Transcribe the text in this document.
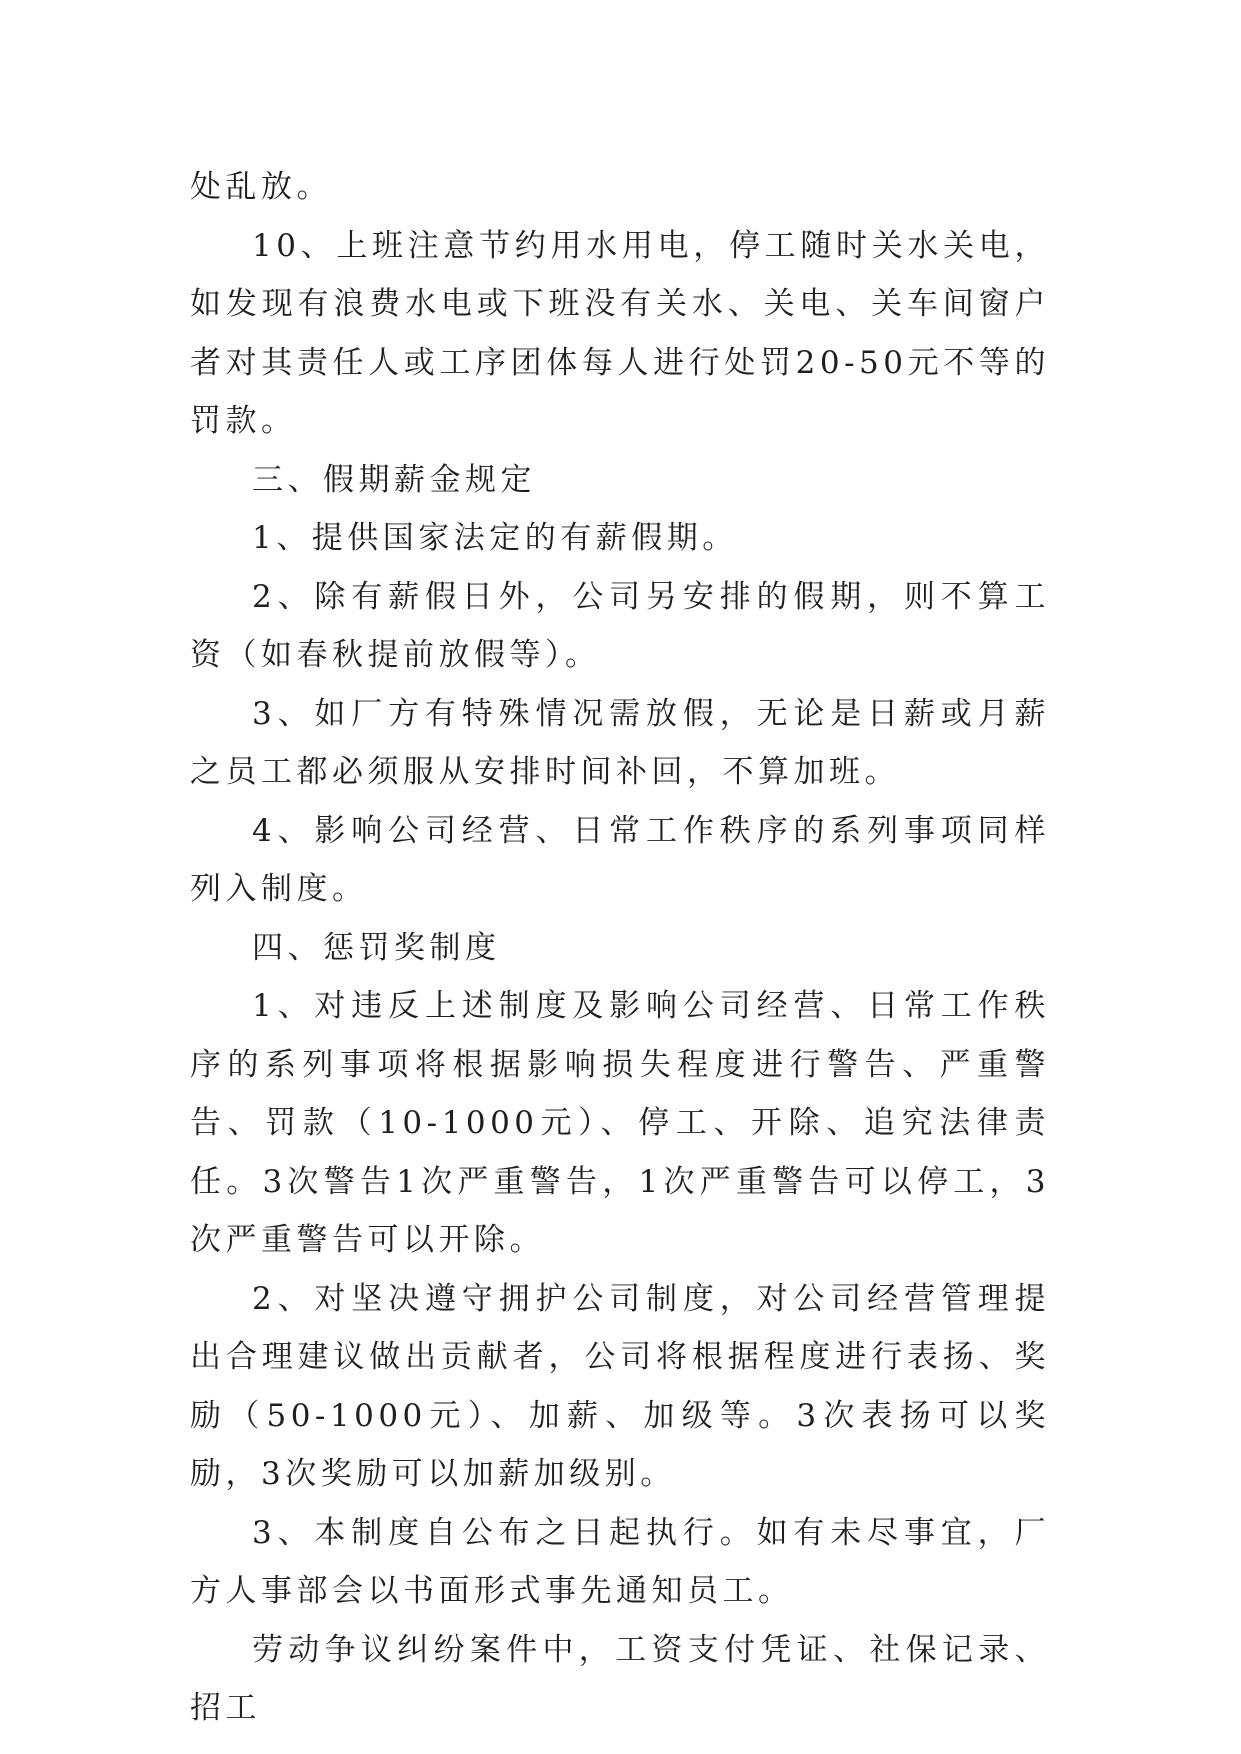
处乱放。

10、上班注意节约用水用电，停工随时关水关电，如发现有浪费水电或下班没有关水、关电、关车间窗户者对其责任人或工序团体每人进行处罚20-50元不等的罚款。

三、假期薪金规定

1、提供国家法定的有薪假期。

2、除有薪假日外，公司另安排的假期，则不算工资（如春秋提前放假等）。

3、如厂方有特殊情况需放假，无论是日薪或月薪之员工都必须服从安排时间补回，不算加班。

4、影响公司经营、日常工作秩序的系列事项同样列入制度。

四、惩罚奖制度

1、对违反上述制度及影响公司经营、日常工作秩序的系列事项将根据影响损失程度进行警告、严重警告、罚款（10-1000元）、停工、开除、追究法律责任。3次警告1次严重警告，1次严重警告可以停工，3次严重警告可以开除。

2、对坚决遵守拥护公司制度，对公司经营管理提出合理建议做出贡献者，公司将根据程度进行表扬、奖励（50-1000元）、加薪、加级等。3次表扬可以奖励，3次奖励可以加薪加级别。

3、本制度自公布之日起执行。如有未尽事宜，厂方人事部会以书面形式事先通知员工。

劳动争议纠纷案件中，工资支付凭证、社保记录、招工
